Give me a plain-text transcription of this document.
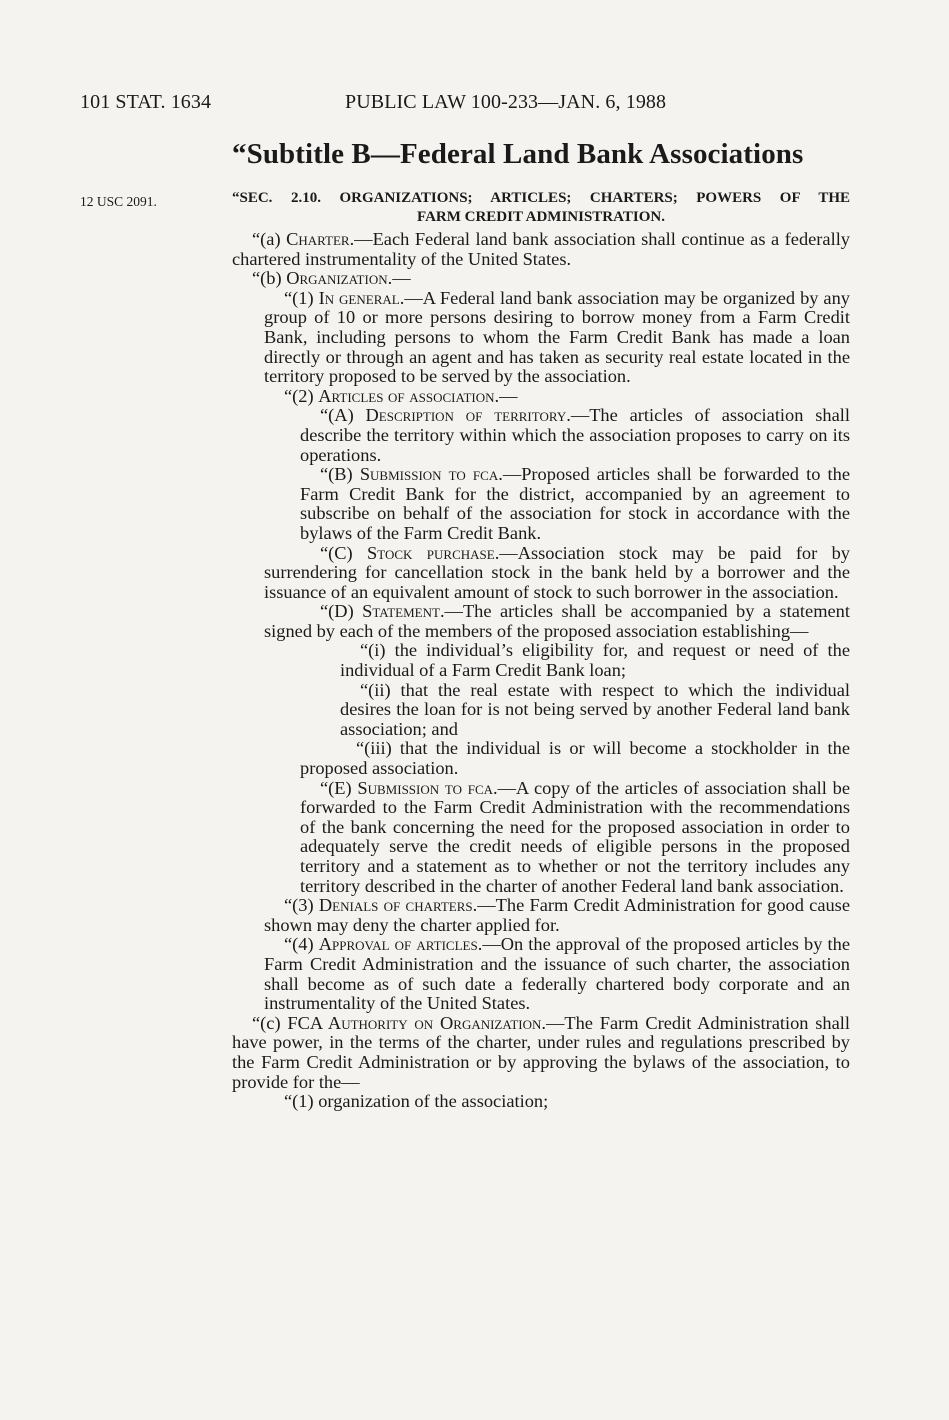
101 STAT. 1634	PUBLIC LAW 100-233—JAN. 6, 1988
“Subtitle B—Federal Land Bank Associations
12 USC 2091.	“SEC. 2.10. ORGANIZATIONS; ARTICLES; CHARTERS; POWERS OF THE
FARM CREDIT ADMINISTRATION.

“(a) Charter.—Each Federal land bank association shall continue as a federally chartered instrumentality of the United States.

“(b) Organization.—

“(1) In general.—A Federal land bank association may be organized by any group of 10 or more persons desiring to borrow money from a Farm Credit Bank, including persons to whom the Farm Credit Bank has made a loan directly or through an agent and has taken as security real estate located in the territory proposed to be served by the association.

“(2) Articles of association.—

“(A) Description of territory.—The articles of association shall describe the territory within which the association proposes to carry on its operations.

“(B) Submission to fca.—Proposed articles shall be forwarded to the Farm Credit Bank for the district, accompanied by an agreement to subscribe on behalf of the association for stock in accordance with the bylaws of the Farm Credit Bank.

“(C) Stock purchase.—Association stock may be paid for by surrendering for cancellation stock in the bank held by a borrower and the issuance of an equivalent amount of stock to such borrower in the association.

“(D) Statement.—The articles shall be accompanied by a statement signed by each of the members of the proposed association establishing—

“(i) the individual’s eligibility for, and request or need of the individual of a Farm Credit Bank loan;

“(ii) that the real estate with respect to which the individual desires the loan for is not being served by another Federal land bank association; and

“(iii) that the individual is or will become a stockholder in the proposed association.

“(E) Submission to fca.—A copy of the articles of association shall be forwarded to the Farm Credit Administration with the recommendations of the bank concerning the need for the proposed association in order to adequately serve the credit needs of eligible persons in the proposed territory and a statement as to whether or not the territory includes any territory described in the charter of another Federal land bank association.

“(3) Denials of charters.—The Farm Credit Administration for good cause shown may deny the charter applied for.

“(4) Approval of articles.—On the approval of the proposed articles by the Farm Credit Administration and the issuance of such charter, the association shall become as of such date a federally chartered body corporate and an instrumentality of the United States.

“(c) FCA Authority on Organization.—The Farm Credit Administration shall have power, in the terms of the charter, under rules and regulations prescribed by the Farm Credit Administration or by approving the bylaws of the association, to provide for the—

“(1) organization of the association;
